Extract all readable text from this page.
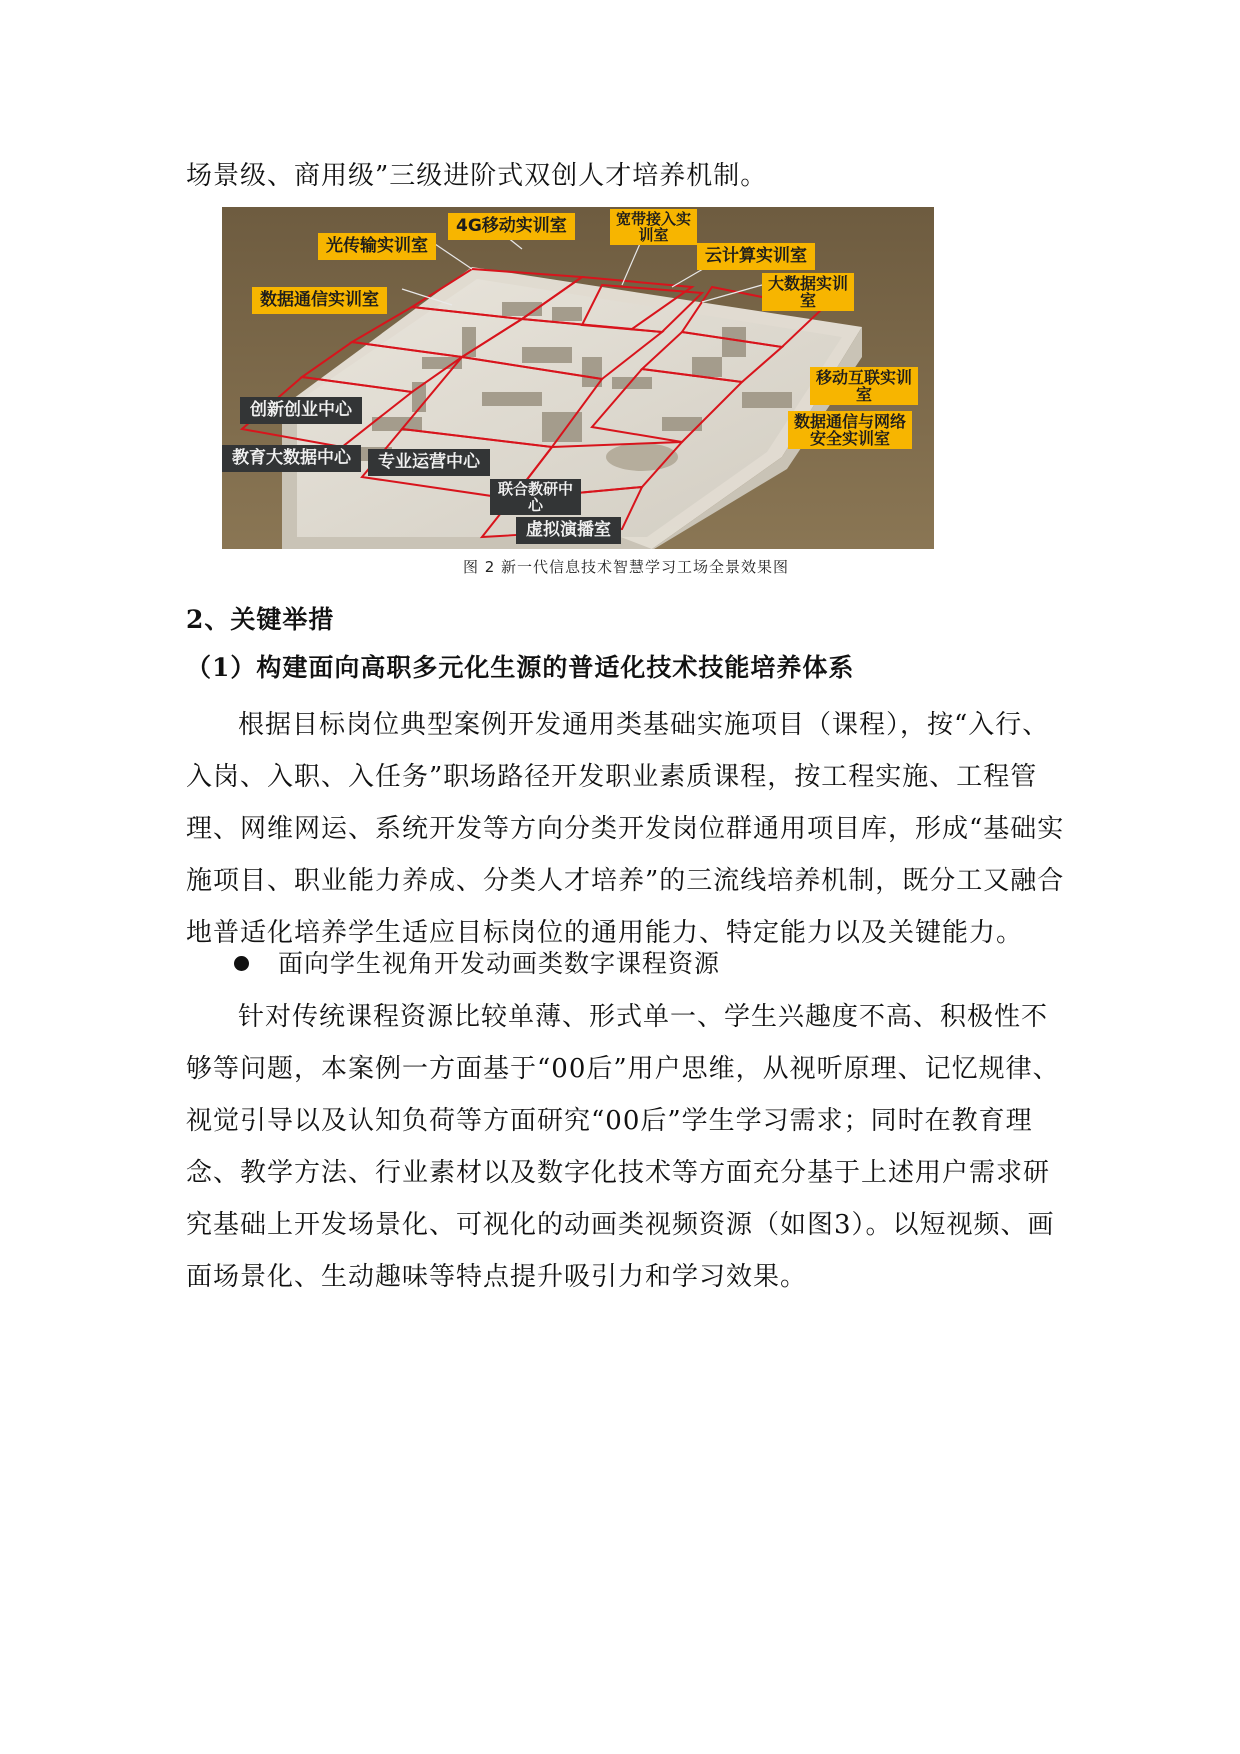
场景级、商用级”三级进阶式双创人才培养机制。
光传输实训室
4G移动实训室	宽带接入实
训室
云计算实训室
大数据实训
室
数据通信实训室
创新创业中心
教育大数据中心	专业运营中心
联合教研中
心
虚拟演播室
移动互联实训
室
数据通信与网络
安全实训室
图 2 新一代信息技术智慧学习工场全景效果图
2、关键举措
（1）构建面向高职多元化生源的普适化技术技能培养体系
根据目标岗位典型案例开发通用类基础实施项目（课程），按“入行、入岗、入职、入任务”职场路径开发职业素质课程，按工程实施、工程管理、网维网运、系统开发等方向分类开发岗位群通用项目库，形成“基础实施项目、职业能力养成、分类人才培养”的三流线培养机制，既分工又融合地普适化培养学生适应目标岗位的通用能力、特定能力以及关键能力。
面向学生视角开发动画类数字课程资源
针对传统课程资源比较单薄、形式单一、学生兴趣度不高、积极性不够等问题，本案例一方面基于“00后”用户思维，从视听原理、记忆规律、视觉引导以及认知负荷等方面研究“00后”学生学习需求；同时在教育理念、教学方法、行业素材以及数字化技术等方面充分基于上述用户需求研究基础上开发场景化、可视化的动画类视频资源（如图3）。以短视频、画面场景化、生动趣味等特点提升吸引力和学习效果。
